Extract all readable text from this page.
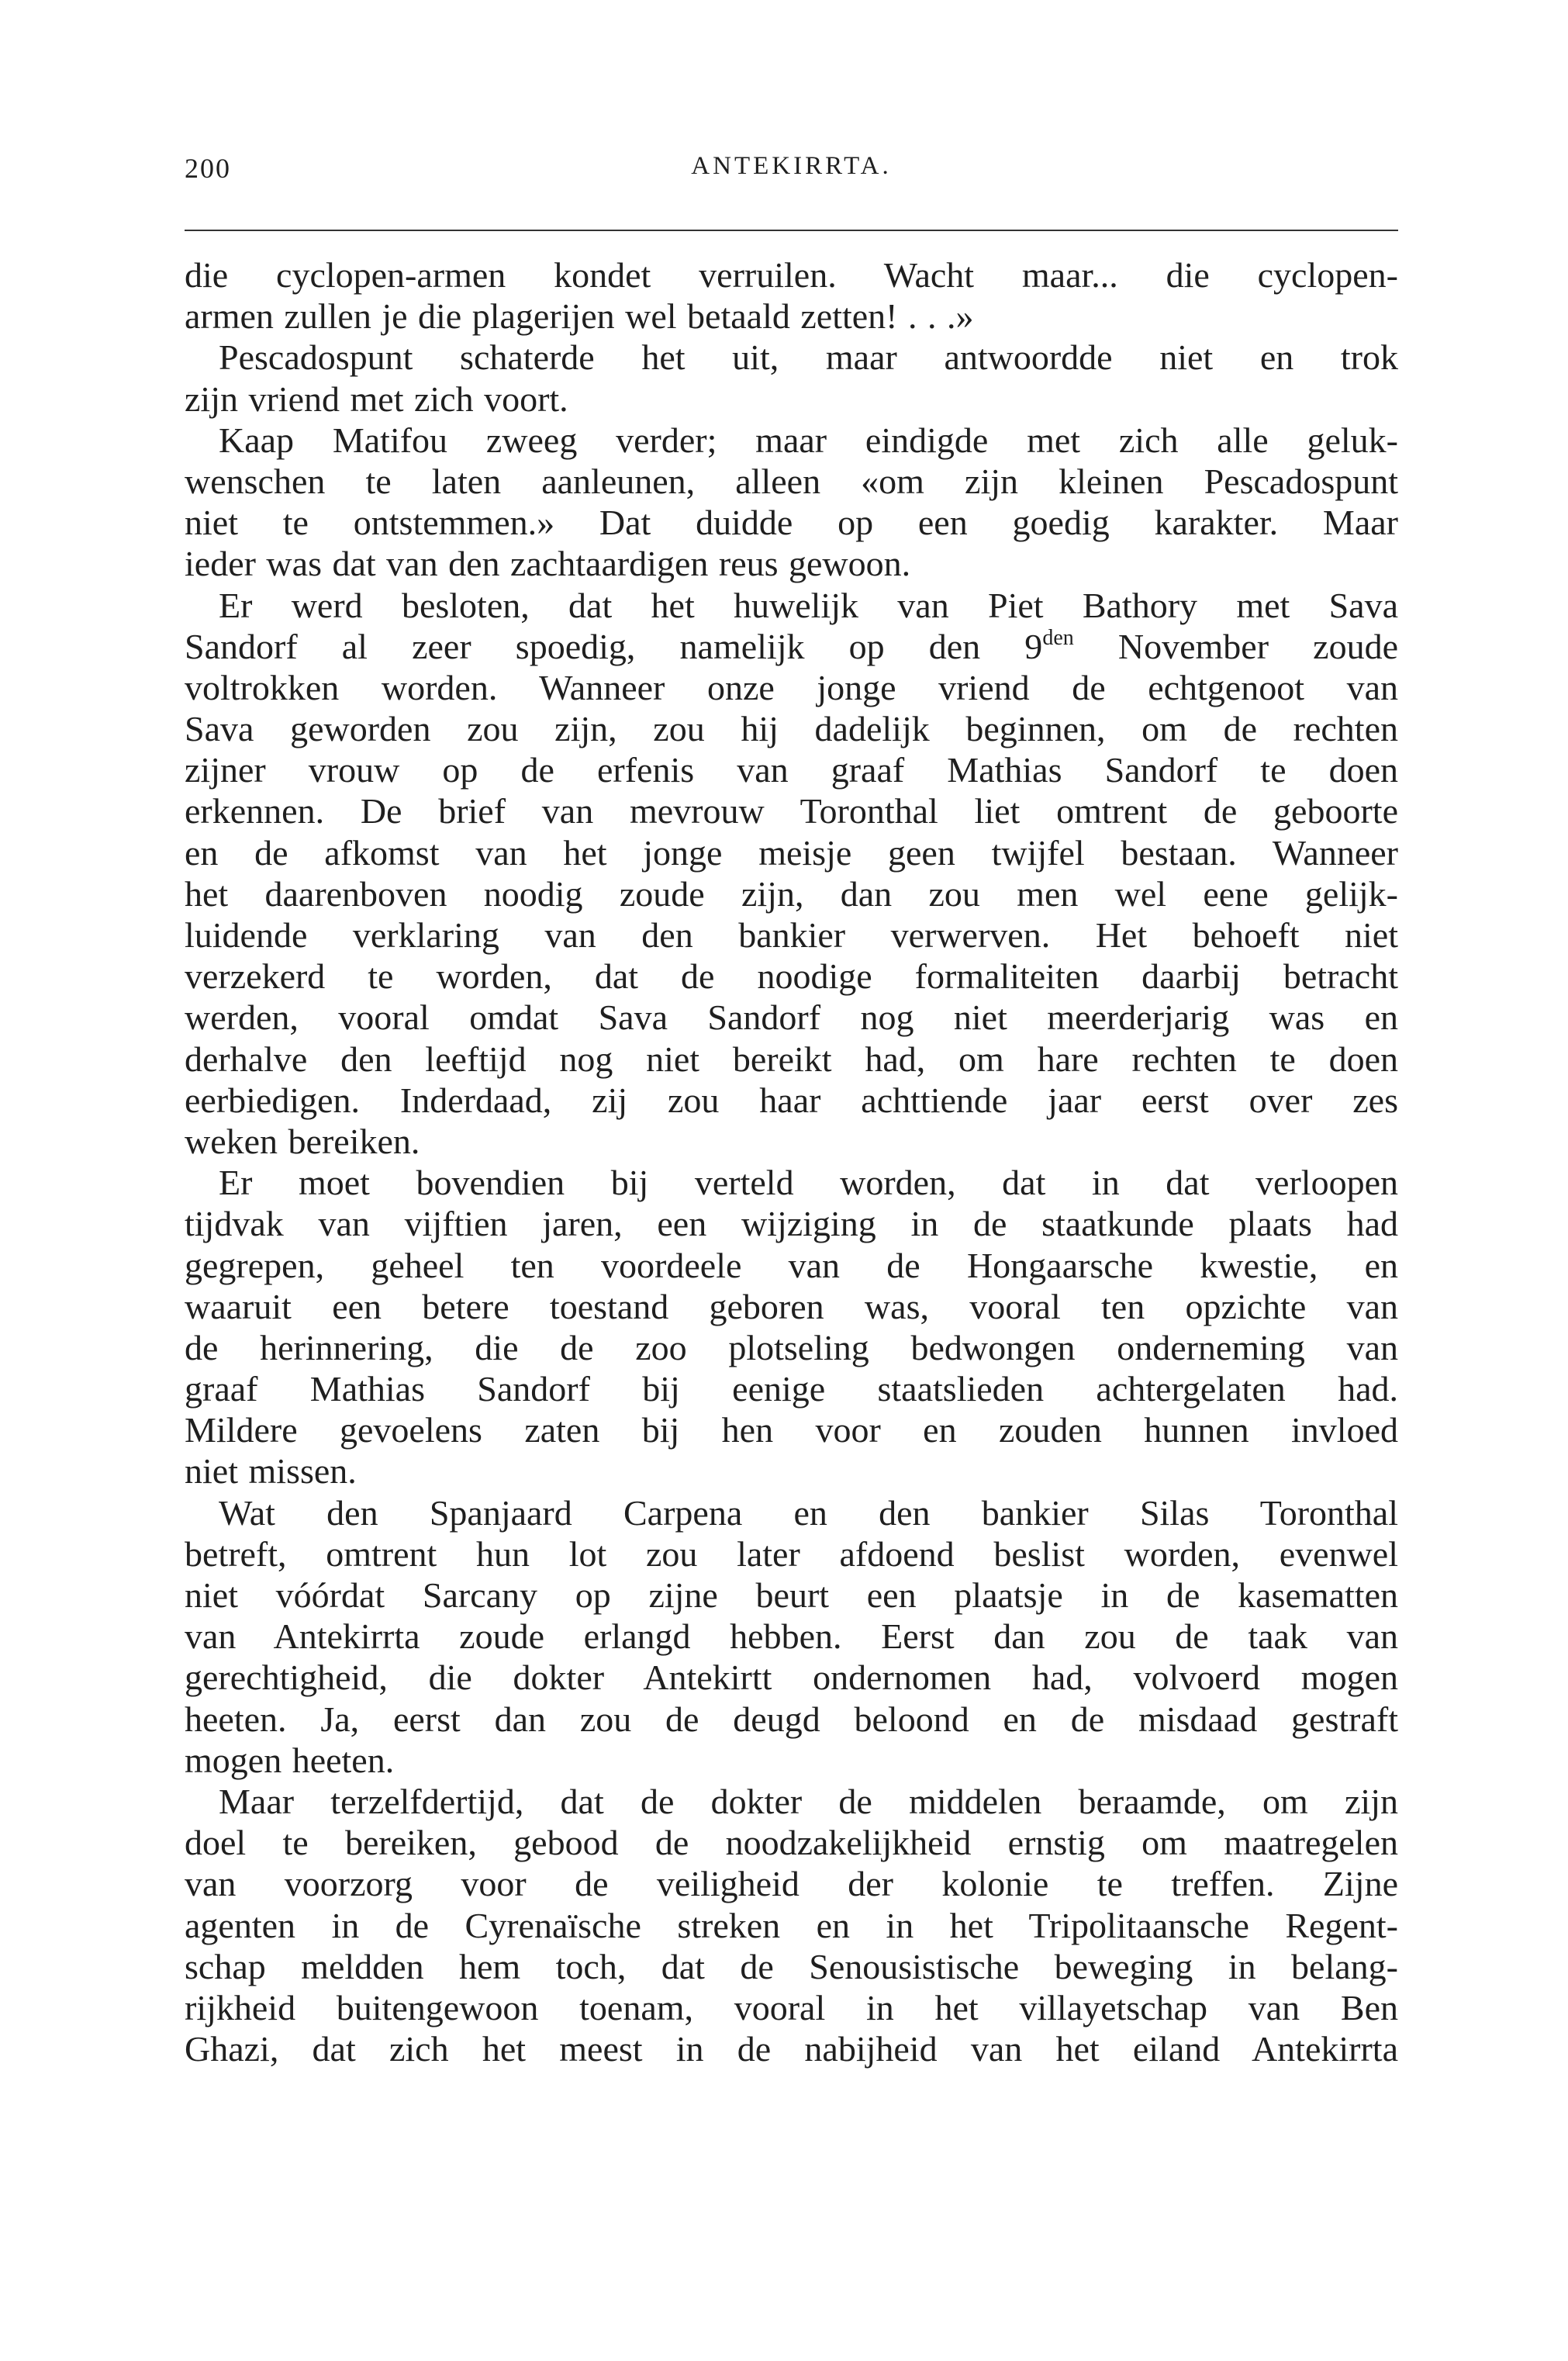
200	ANTEKIRRTA.
die cyclopen-armen kondet verruilen. Wacht maar... die cyclopen-
armen zullen je die plagerijen wel betaald zetten! . . .»
Pescadospunt schaterde het uit, maar antwoordde niet en trok
zijn vriend met zich voort.
Kaap Matifou zweeg verder; maar eindigde met zich alle geluk-
wenschen te laten aanleunen, alleen «om zijn kleinen Pescadospunt
niet te ontstemmen.» Dat duidde op een goedig karakter. Maar
ieder was dat van den zachtaardigen reus gewoon.
Er werd besloten, dat het huwelijk van Piet Bathory met Sava
Sandorf al zeer spoedig, namelijk op den $9^{den}$ November zoude
voltrokken worden. Wanneer onze jonge vriend de echtgenoot van
Sava geworden zou zijn, zou hij dadelijk beginnen, om de rechten
zijner vrouw op de erfenis van graaf Mathias Sandorf te doen
erkennen. De brief van mevrouw Toronthal liet omtrent de geboorte
en de afkomst van het jonge meisje geen twijfel bestaan. Wanneer
het daarenboven noodig zoude zijn, dan zou men wel eene gelijk-
luidende verklaring van den bankier verwerven. Het behoeft niet
verzekerd te worden, dat de noodige formaliteiten daarbij betracht
werden, vooral omdat Sava Sandorf nog niet meerderjarig was en
derhalve den leeftijd nog niet bereikt had, om hare rechten te doen
eerbiedigen. Inderdaad, zij zou haar achttiende jaar eerst over zes
weken bereiken.
Er moet bovendien bij verteld worden, dat in dat verloopen
tijdvak van vijftien jaren, een wijziging in de staatkunde plaats had
gegrepen, geheel ten voordeele van de Hongaarsche kwestie, en
waaruit een betere toestand geboren was, vooral ten opzichte van
de herinnering, die de zoo plotseling bedwongen onderneming van
graaf Mathias Sandorf bij eenige staatslieden achtergelaten had.
Mildere gevoelens zaten bij hen voor en zouden hunnen invloed
niet missen.
Wat den Spanjaard Carpena en den bankier Silas Toronthal
betreft, omtrent hun lot zou later afdoend beslist worden, evenwel
niet vóórdat Sarcany op zijne beurt een plaatsje in de kasematten
van Antekirrta zoude erlangd hebben. Eerst dan zou de taak van
gerechtigheid, die dokter Antekirtt ondernomen had, volvoerd mogen
heeten. Ja, eerst dan zou de deugd beloond en de misdaad gestraft
mogen heeten.
Maar terzelfdertijd, dat de dokter de middelen beraamde, om zijn
doel te bereiken, gebood de noodzakelijkheid ernstig om maatregelen
van voorzorg voor de veiligheid der kolonie te treffen. Zijne
agenten in de Cyrenaïsche streken en in het Tripolitaansche Regent-
schap meldden hem toch, dat de Senousistische beweging in belang-
rijkheid buitengewoon toenam, vooral in het villayetschap van Ben
Ghazi, dat zich het meest in de nabijheid van het eiland Antekirrta
